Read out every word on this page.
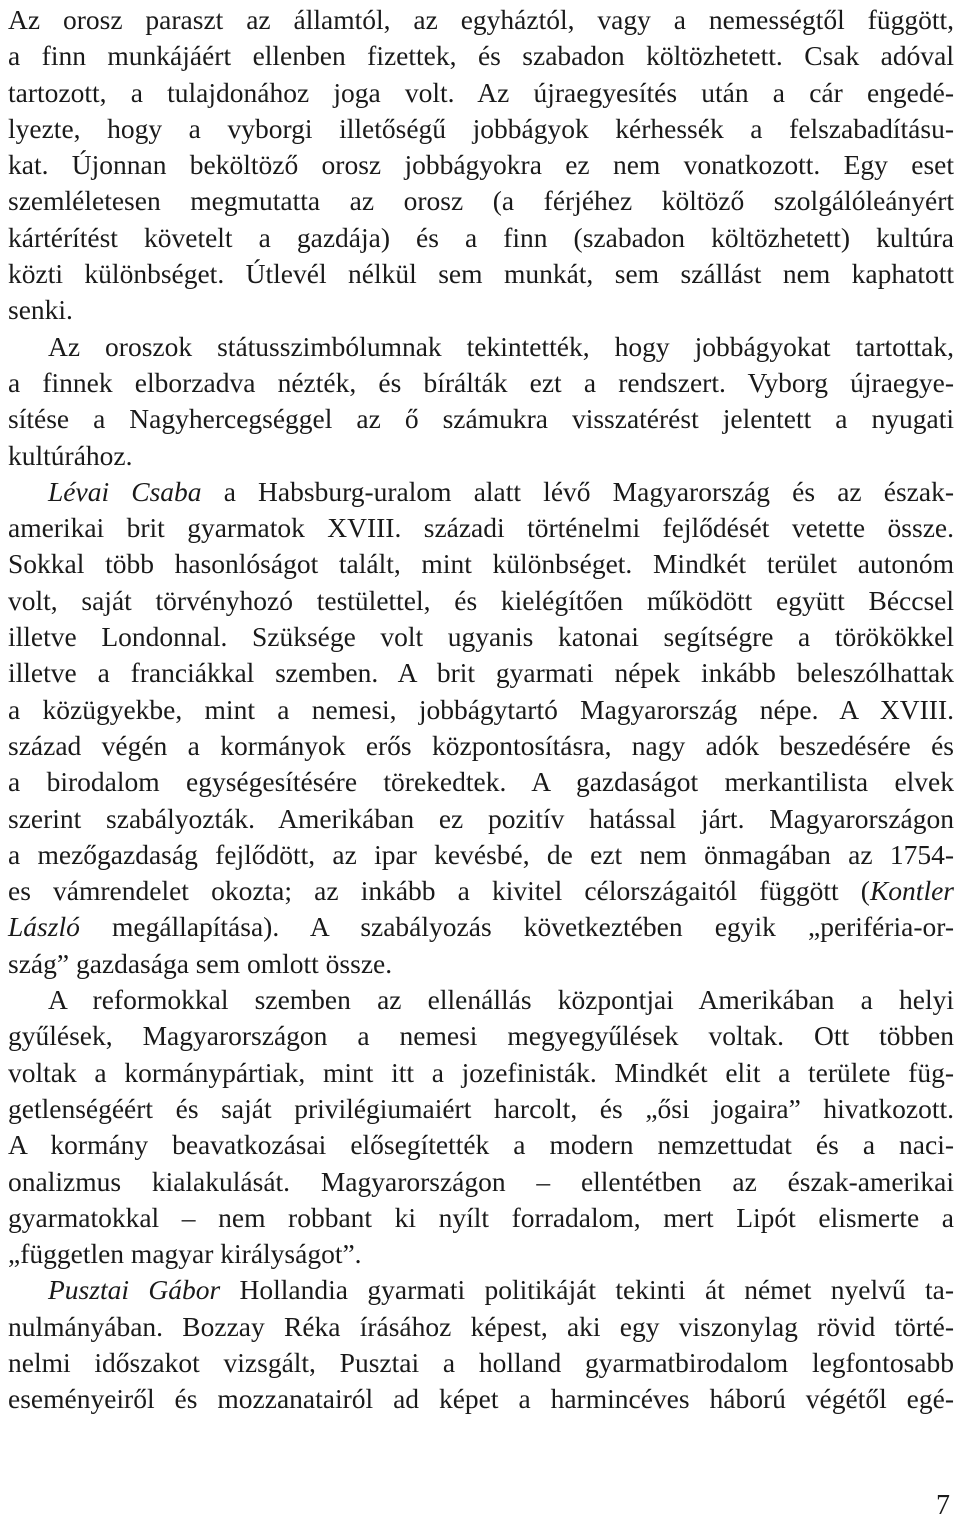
Az orosz paraszt az államtól, az egyháztól, vagy a nemességtől függött,
a finn munkájáért ellenben fizettek, és szabadon költözhetett. Csak adóval
tartozott, a tulajdonához joga volt. Az újraegyesítés után a cár engedé-
lyezte, hogy a vyborgi illetőségű jobbágyok kérhessék a felszabadításu-
kat. Újonnan beköltöző orosz jobbágyokra ez nem vonatkozott. Egy eset
szemléletesen megmutatta az orosz (a férjéhez költöző szolgálóleányért
kártérítést követelt a gazdája) és a finn (szabadon költözhetett) kultúra
közti különbséget. Útlevél nélkül sem munkát, sem szállást nem kaphatott
senki.
Az oroszok státusszimbólumnak tekintették, hogy jobbágyokat tartottak,
a finnek elborzadva nézték, és bírálták ezt a rendszert. Vyborg újraegye-
sítése a Nagyhercegséggel az ő számukra visszatérést jelentett a nyugati
kultúrához.
Lévai Csaba a Habsburg-uralom alatt lévő Magyarország és az észak-
amerikai brit gyarmatok XVIII. századi történelmi fejlődését vetette össze.
Sokkal több hasonlóságot talált, mint különbséget. Mindkét terület autonóm
volt, saját törvényhozó testülettel, és kielégítően működött együtt Béccsel
illetve Londonnal. Szüksége volt ugyanis katonai segítségre a törökökkel
illetve a franciákkal szemben. A brit gyarmati népek inkább beleszólhattak
a közügyekbe, mint a nemesi, jobbágytartó Magyarország népe. A XVIII.
század végén a kormányok erős központosításra, nagy adók beszedésére és
a birodalom egységesítésére törekedtek. A gazdaságot merkantilista elvek
szerint szabályozták. Amerikában ez pozitív hatással járt. Magyarországon
a mezőgazdaság fejlődött, az ipar kevésbé, de ezt nem önmagában az 1754-
es vámrendelet okozta; az inkább a kivitel célországaitól függött (Kontler
László megállapítása). A szabályozás következtében egyik „periféria-or-
szág” gazdasága sem omlott össze.
A reformokkal szemben az ellenállás központjai Amerikában a helyi
gyűlések, Magyarországon a nemesi megyegyűlések voltak. Ott többen
voltak a kormánypártiak, mint itt a jozefinisták. Mindkét elit a területe füg-
getlenségéért és saját privilégiumaiért harcolt, és „ősi jogaira” hivatkozott.
A kormány beavatkozásai elősegítették a modern nemzettudat és a naci-
onalizmus kialakulását. Magyarországon – ellentétben az észak-amerikai
gyarmatokkal – nem robbant ki nyílt forradalom, mert Lipót elismerte a
„független magyar királyságot”.
Pusztai Gábor Hollandia gyarmati politikáját tekinti át német nyelvű ta-
nulmányában. Bozzay Réka írásához képest, aki egy viszonylag rövid törté-
nelmi időszakot vizsgált, Pusztai a holland gyarmatbirodalom legfontosabb
eseményeiről és mozzanatairól ad képet a harmincéves háború végétől egé-
7
